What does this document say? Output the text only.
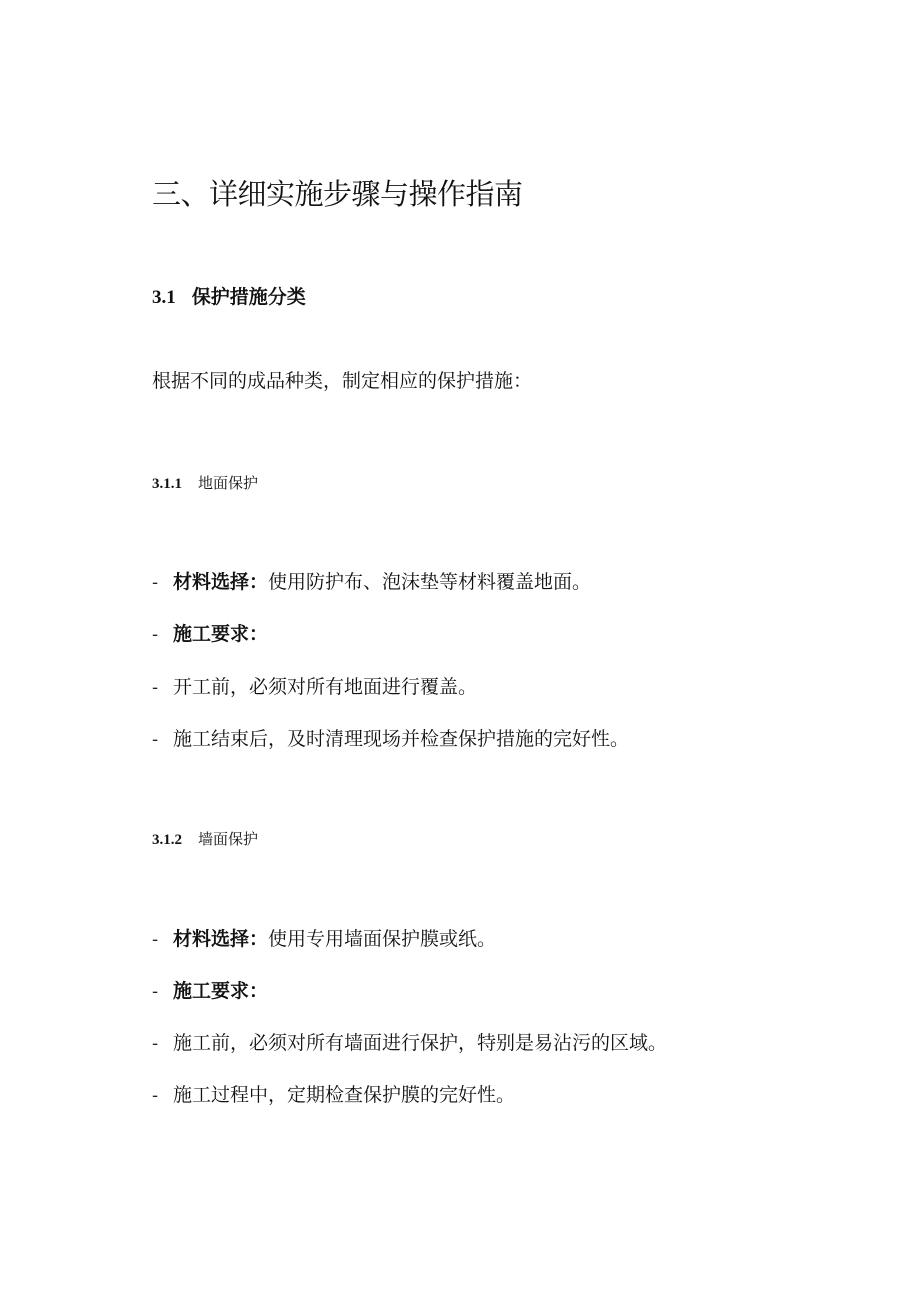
三、详细实施步骤与操作指南
3.1 保护措施分类
根据不同的成品种类，制定相应的保护措施：
3.1.1 地面保护
- 材料选择：使用防护布、泡沫垫等材料覆盖地面。
- 施工要求：
- 开工前，必须对所有地面进行覆盖。
- 施工结束后，及时清理现场并检查保护措施的完好性。
3.1.2 墙面保护
- 材料选择：使用专用墙面保护膜或纸。
- 施工要求：
- 施工前，必须对所有墙面进行保护，特别是易沾污的区域。
- 施工过程中，定期检查保护膜的完好性。
